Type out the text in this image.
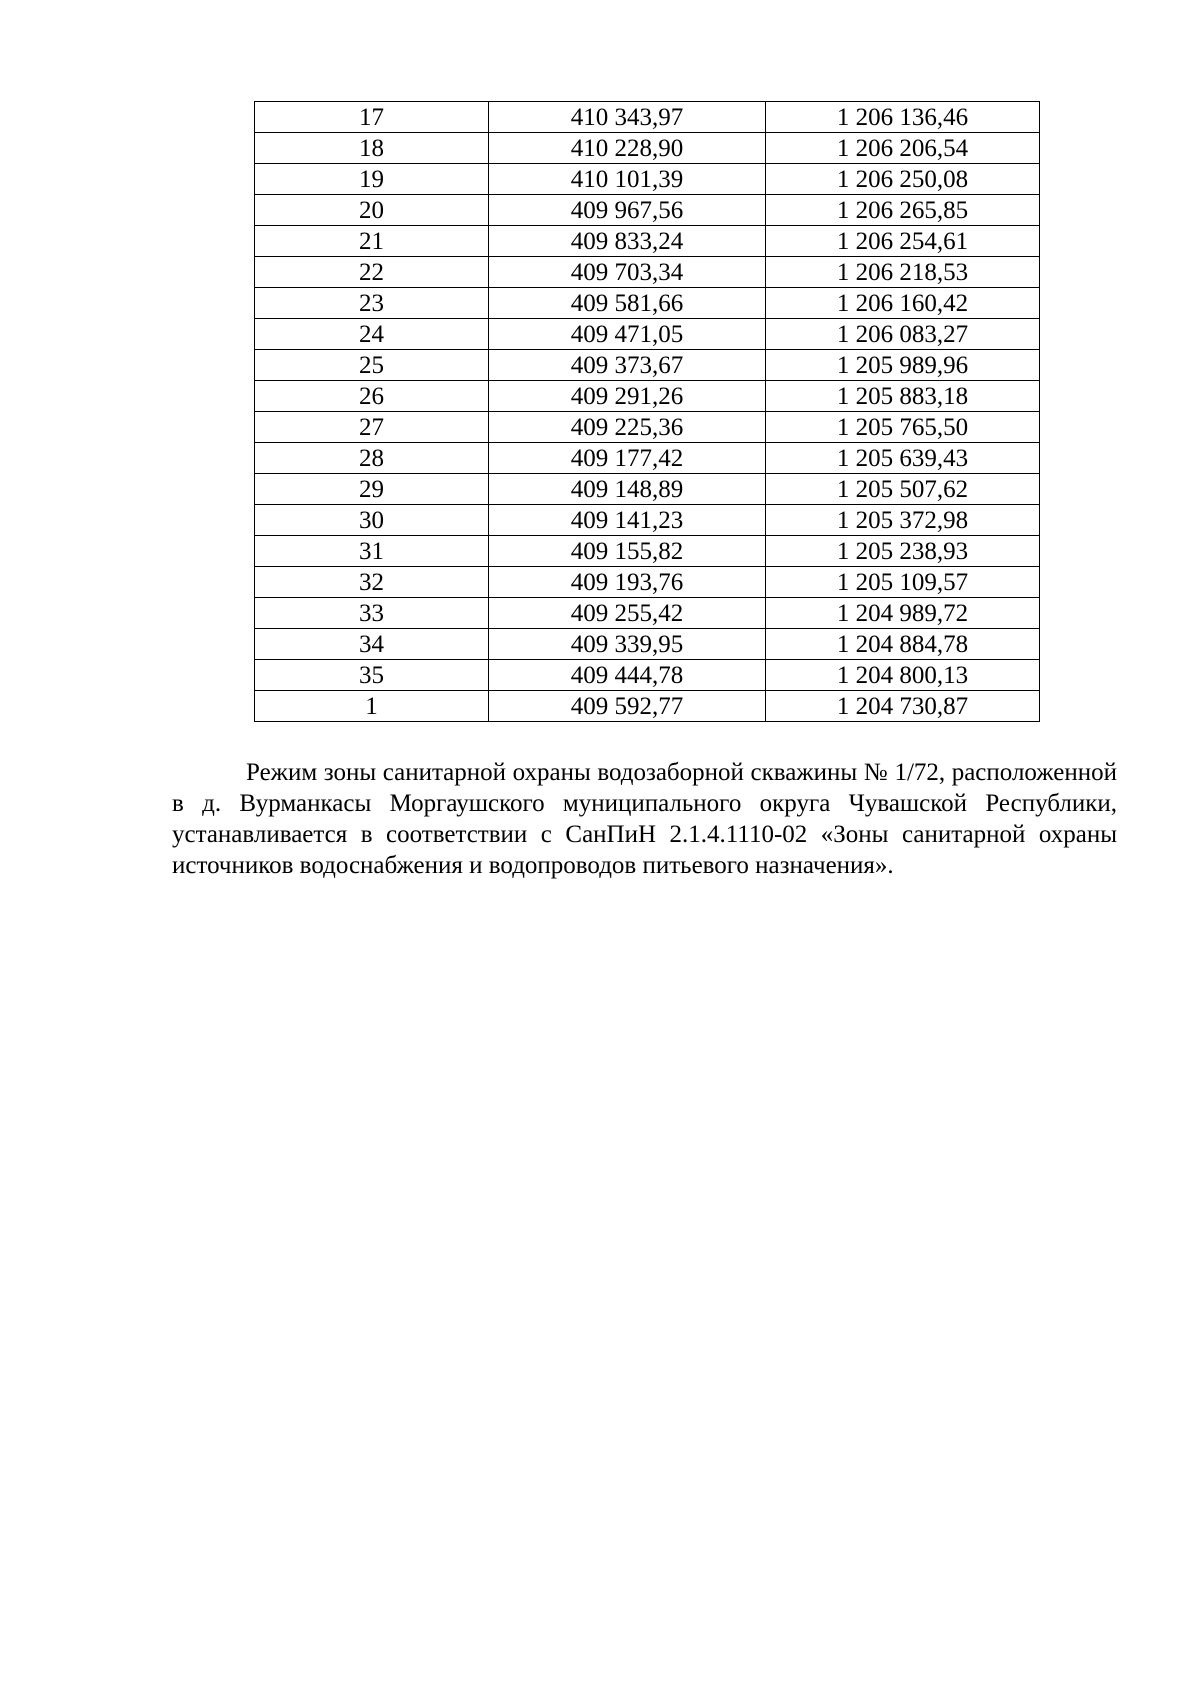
17	410 343,97	1 206 136,46
18	410 228,90	1 206 206,54
19	410 101,39	1 206 250,08
20	409 967,56	1 206 265,85
21	409 833,24	1 206 254,61
22	409 703,34	1 206 218,53
23	409 581,66	1 206 160,42
24	409 471,05	1 206 083,27
25	409 373,67	1 205 989,96
26	409 291,26	1 205 883,18
27	409 225,36	1 205 765,50
28	409 177,42	1 205 639,43
29	409 148,89	1 205 507,62
30	409 141,23	1 205 372,98
31	409 155,82	1 205 238,93
32	409 193,76	1 205 109,57
33	409 255,42	1 204 989,72
34	409 339,95	1 204 884,78
35	409 444,78	1 204 800,13
1	409 592,77	1 204 730,87

Режим зоны санитарной охраны водозаборной скважины № 1/72, расположенной в д. Вурманкасы Моргаушского муниципального округа Чувашской Республики, устанавливается в соответствии с СанПиН 2.1.4.1110-02 «Зоны санитарной охраны источников водоснабжения и водопроводов питьевого назначения».
